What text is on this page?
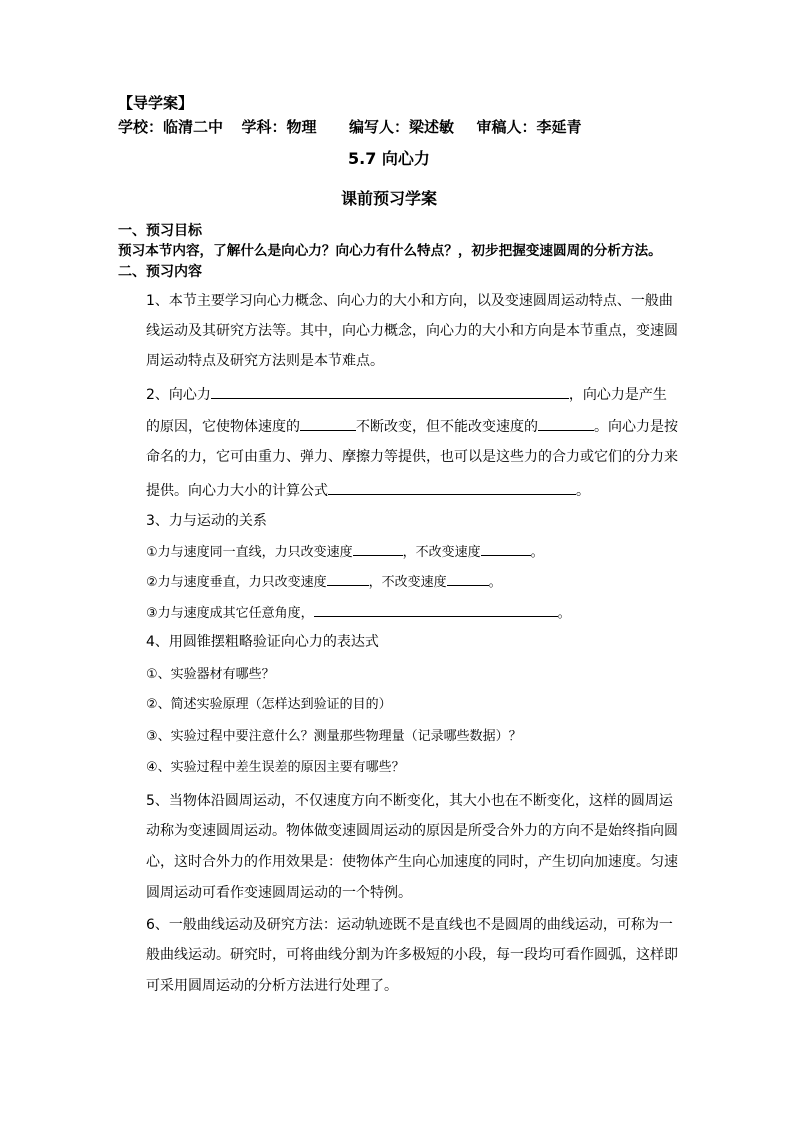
【导学案】
学校：临清二中 学科：物理 编写人：梁述敏 审稿人：李延青
5.7 向心力
课前预习学案
一、预习目标
预习本节内容，了解什么是向心力？向心力有什么特点？，初步把握变速圆周的分析方法。
二、预习内容
1、本节主要学习向心力概念、向心力的大小和方向，以及变速圆周运动特点、一般曲
线运动及其研究方法等。其中，向心力概念，向心力的大小和方向是本节重点，变速圆
周运动特点及研究方法则是本节难点。
2、向心力	，向心力是产生
的原因，它使物体速度的	不断改变，但不能改变速度的	。向心力是按
命名的力，它可由重力、弹力、摩擦力等提供，也可以是这些力的合力或它们的分力来
提供。向心力大小的计算公式	。
3、力与运动的关系
①力与速度同一直线，力只改变速度	，不改变速度	。
②力与速度垂直，力只改变速度	，不改变速度	。
③力与速度成其它任意角度，	。
4、用圆锥摆粗略验证向心力的表达式
①、实验器材有哪些？
②、简述实验原理（怎样达到验证的目的）
③、实验过程中要注意什么？测量那些物理量（记录哪些数据）？
④、实验过程中差生误差的原因主要有哪些？
5、当物体沿圆周运动，不仅速度方向不断变化，其大小也在不断变化，这样的圆周运
动称为变速圆周运动。物体做变速圆周运动的原因是所受合外力的方向不是始终指向圆
心，这时合外力的作用效果是：使物体产生向心加速度的同时，产生切向加速度。匀速
圆周运动可看作变速圆周运动的一个特例。
6、一般曲线运动及研究方法：运动轨迹既不是直线也不是圆周的曲线运动，可称为一
般曲线运动。研究时，可将曲线分割为许多极短的小段，每一段均可看作圆弧，这样即
可采用圆周运动的分析方法进行处理了。
